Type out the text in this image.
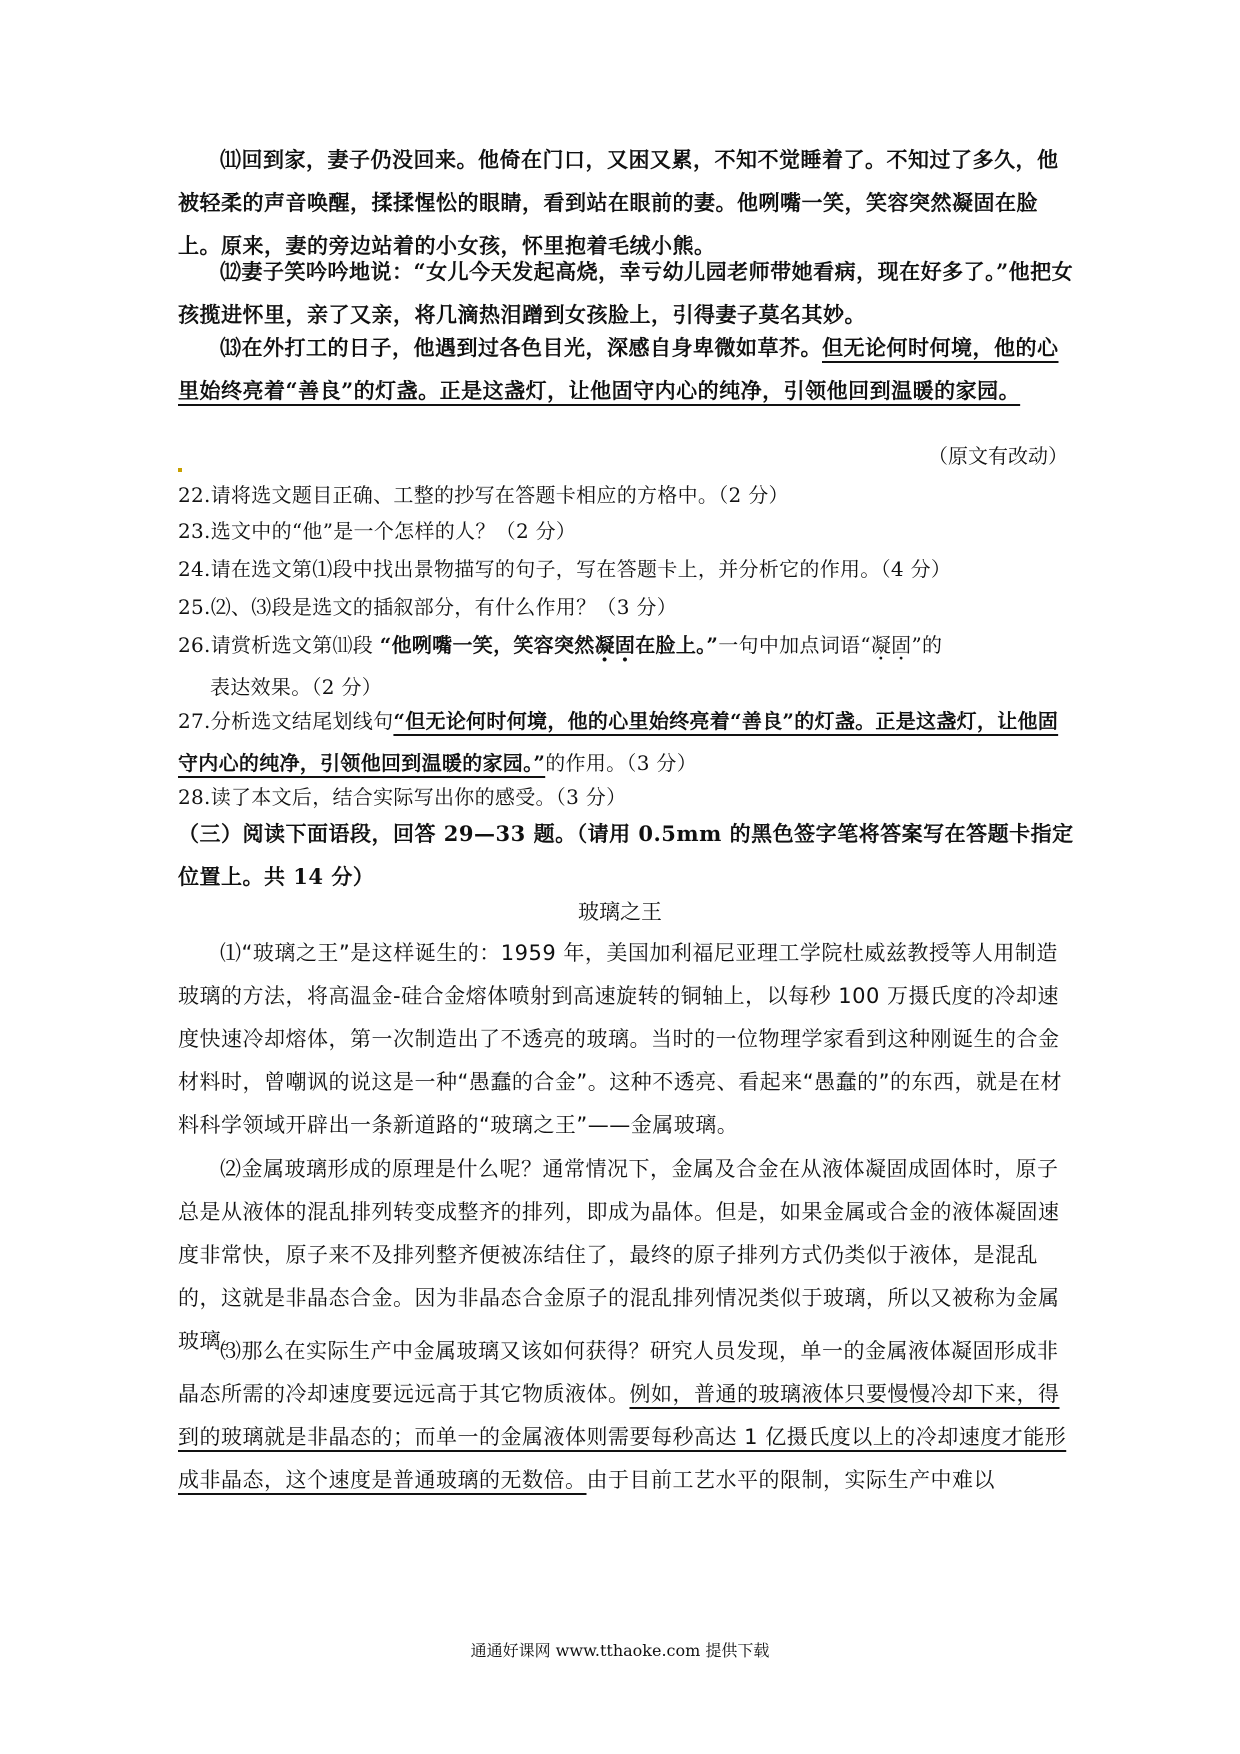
⑾回到家，妻子仍没回来。他倚在门口，又困又累，不知不觉睡着了。不知过了多久，他被轻柔的声音唤醒，揉揉惺忪的眼睛，看到站在眼前的妻。他咧嘴一笑，笑容突然凝固在脸上。原来，妻的旁边站着的小女孩，怀里抱着毛绒小熊。
⑿妻子笑吟吟地说：“女儿今天发起高烧，幸亏幼儿园老师带她看病，现在好多了。”他把女孩揽进怀里，亲了又亲，将几滴热泪蹭到女孩脸上，引得妻子莫名其妙。
⒀在外打工的日子，他遇到过各色目光，深感自身卑微如草芥。但无论何时何境，他的心里始终亮着“善良”的灯盏。正是这盏灯，让他固守内心的纯净，引领他回到温暖的家园。
（原文有改动）
22.请将选文题目正确、工整的抄写在答题卡相应的方格中。（2 分）
23.选文中的“他”是一个怎样的人？（2 分）
24.请在选文第⑴段中找出景物描写的句子，写在答题卡上，并分析它的作用。（4 分）
25.⑵、⑶段是选文的插叙部分，有什么作用？（3 分）
26.请赏析选文第⑾段 “他咧嘴一笑，笑容突然凝固在脸上。”一句中加点词语“凝固”的
表达效果。（2 分）
27.分析选文结尾划线句“但无论何时何境，他的心里始终亮着“善良”的灯盏。正是这盏灯，让他固守内心的纯净，引领他回到温暖的家园。”的作用。（3 分）
28.读了本文后，结合实际写出你的感受。（3 分）
（三）阅读下面语段，回答 29—33 题。（请用 0.5mm 的黑色签字笔将答案写在答题卡指定位置上。共 14 分）
玻璃之王
⑴“玻璃之王”是这样诞生的：1959 年，美国加利福尼亚理工学院杜威兹教授等人用制造玻璃的方法，将高温金-硅合金熔体喷射到高速旋转的铜轴上，以每秒 100 万摄氏度的冷却速度快速冷却熔体，第一次制造出了不透亮的玻璃。当时的一位物理学家看到这种刚诞生的合金材料时，曾嘲讽的说这是一种“愚蠢的合金”。这种不透亮、看起来“愚蠢的”的东西，就是在材料科学领域开辟出一条新道路的“玻璃之王”——金属玻璃。
⑵金属玻璃形成的原理是什么呢？通常情况下，金属及合金在从液体凝固成固体时，原子总是从液体的混乱排列转变成整齐的排列，即成为晶体。但是，如果金属或合金的液体凝固速度非常快，原子来不及排列整齐便被冻结住了，最终的原子排列方式仍类似于液体，是混乱的，这就是非晶态合金。因为非晶态合金原子的混乱排列情况类似于玻璃，所以又被称为金属玻璃。
⑶那么在实际生产中金属玻璃又该如何获得？研究人员发现，单一的金属液体凝固形成非晶态所需的冷却速度要远远高于其它物质液体。例如，普通的玻璃液体只要慢慢冷却下来，得到的玻璃就是非晶态的；而单一的金属液体则需要每秒高达 1 亿摄氏度以上的冷却速度才能形成非晶态，这个速度是普通玻璃的无数倍。由于目前工艺水平的限制，实际生产中难以
通通好课网 www.tthaoke.com 提供下载
